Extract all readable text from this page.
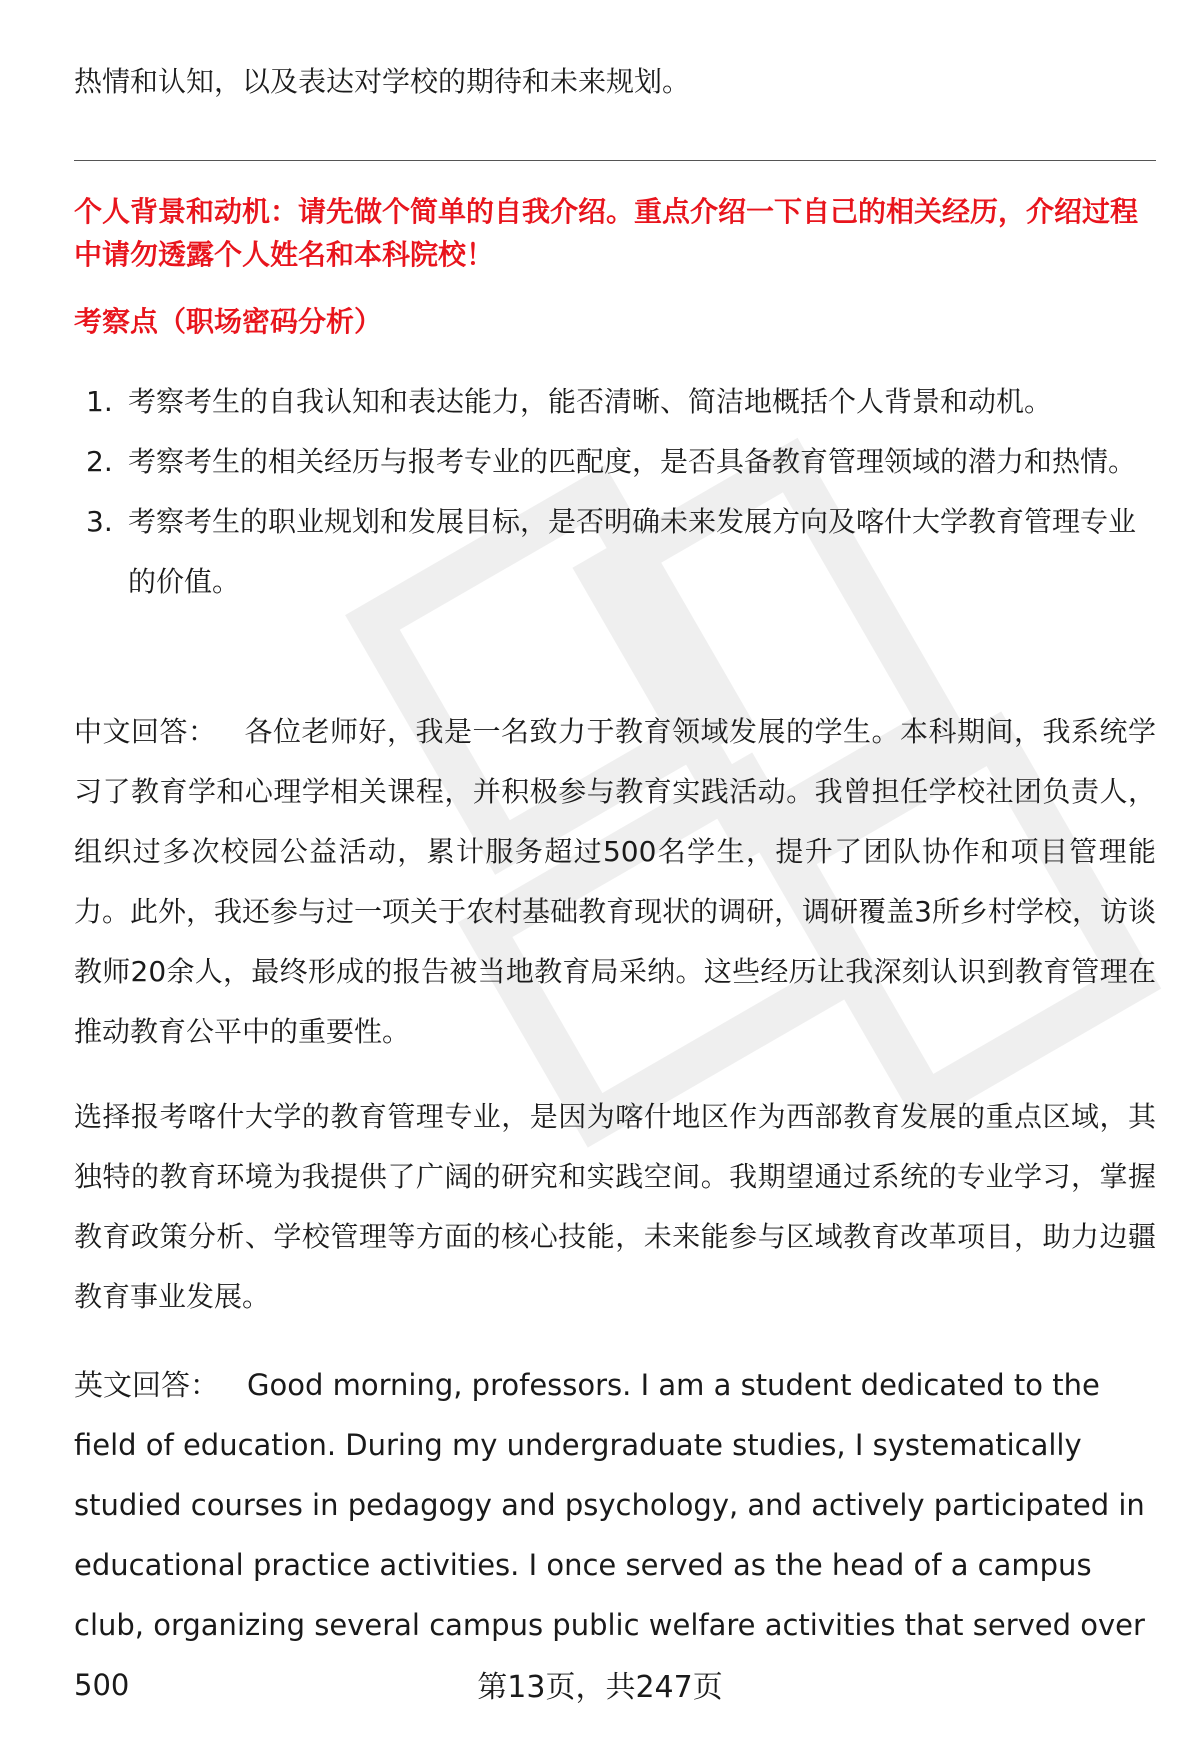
热情和认知，以及表达对学校的期待和未来规划。

个人背景和动机：请先做个简单的自我介绍。重点介绍一下自己的相关经历，介绍过程中请勿透露个人姓名和本科院校！

考察点（职场密码分析）

1. 考察考生的自我认知和表达能力，能否清晰、简洁地概括个人背景和动机。
2. 考察考生的相关经历与报考专业的匹配度，是否具备教育管理领域的潜力和热情。
3. 考察考生的职业规划和发展目标，是否明确未来发展方向及喀什大学教育管理专业的价值。

中文回答： 各位老师好，我是一名致力于教育领域发展的学生。本科期间，我系统学习了教育学和心理学相关课程，并积极参与教育实践活动。我曾担任学校社团负责人，组织过多次校园公益活动，累计服务超过500名学生，提升了团队协作和项目管理能力。此外，我还参与过一项关于农村基础教育现状的调研，调研覆盖3所乡村学校，访谈教师20余人，最终形成的报告被当地教育局采纳。这些经历让我深刻认识到教育管理在推动教育公平中的重要性。

选择报考喀什大学的教育管理专业，是因为喀什地区作为西部教育发展的重点区域，其独特的教育环境为我提供了广阔的研究和实践空间。我期望通过系统的专业学习，掌握教育政策分析、学校管理等方面的核心技能，未来能参与区域教育改革项目，助力边疆教育事业发展。

英文回答： Good morning, professors. I am a student dedicated to the field of education. During my undergraduate studies, I systematically studied courses in pedagogy and psychology, and actively participated in educational practice activities. I once served as the head of a campus club, organizing several campus public welfare activities that served over 500	第13页，共247页
